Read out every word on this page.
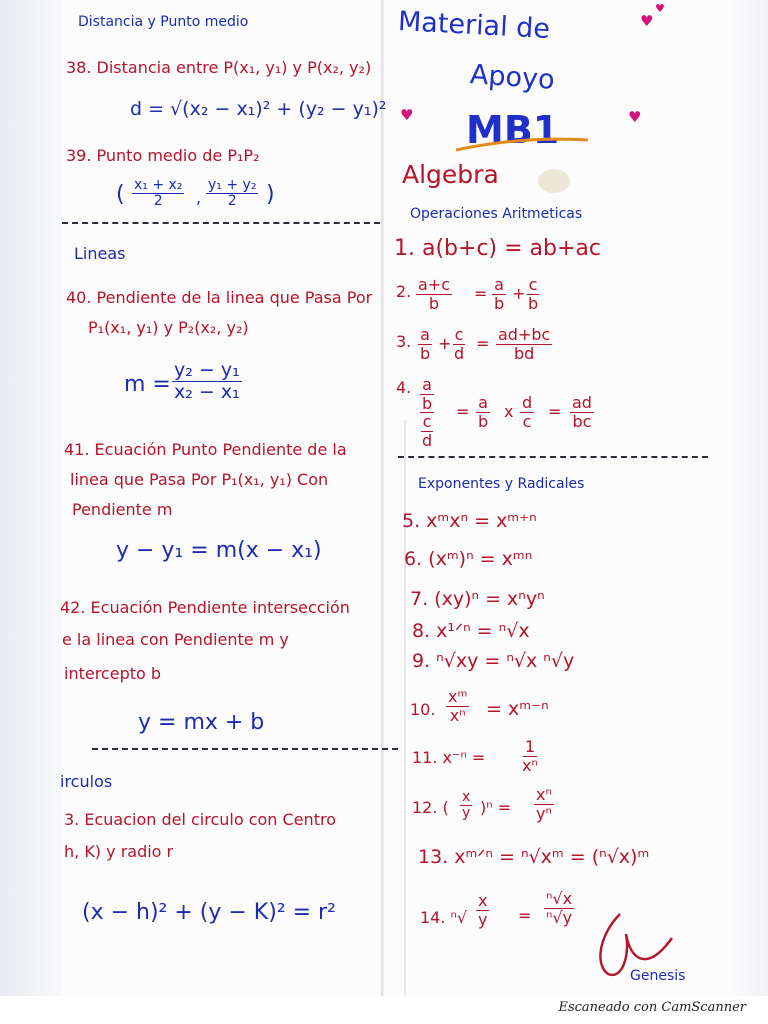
Distancia y Punto medio
38. Distancia entre P(x₁, y₁) y P(x₂, y₂)
d = √(x₂ − x₁)² + (y₂ − y₁)²
39. Punto medio de P₁P₂
( $\frac{\text{x₁ + x₂}}{2}$ , $\frac{\text{y₁ + y₂}}{2}$ )
Lineas
40. Pendiente de la linea que Pasa Por
P₁(x₁, y₁) y P₂(x₂, y₂)
$m = \frac{\text{y₂ − y₁}}{\text{x₂ − x₁}}$
41. Ecuación Punto Pendiente de la
linea que Pasa Por P₁(x₁, y₁) Con
Pendiente m
y − y₁ = m(x − x₁)
42. Ecuación Pendiente intersección
e la linea con Pendiente m y
intercepto b
y = mx + b
irculos
3. Ecuacion del circulo con Centro
h, K) y radio r
(x − h)² + (y − K)² = r²
Material de	♥
♥
Apoyo
♥ MB1	♥
Algebra
Operaciones Aritmeticas
1. a(b+c) = ab+ac
2. $\frac{a+c}{b} = \frac{a}{b} + \frac{c}{b}$
3. $\frac{a}{b} + \frac{c}{d} = \frac{ad+bc}{bd}$
4. $\frac{a}{b}$
$\frac{c}{d}$
= $\frac{a}{b}$ x $\frac{d}{c} = \frac{ad}{bc}$
Exponentes y Radicales
5. xᵐxⁿ = xᵐ⁺ⁿ
6. (xᵐ)ⁿ = xᵐⁿ
7. (xy)ⁿ = xⁿyⁿ
8. x¹ᐟⁿ = ⁿ√x
9. ⁿ√xy = ⁿ√x ⁿ√y
10. $\frac{\text{xᵐ}}{\text{xⁿ}}$ = xᵐ⁻ⁿ
11. $x^{-n} = \frac{1}{\text{xⁿ}}$
12. ( $\frac{x}{y} )^n = \frac{\text{xⁿ}}{\text{yⁿ}}$
13. xᵐᐟⁿ = ⁿ√xᵐ = (ⁿ√x)ᵐ
14. $^n√ \frac{x}{y} = \frac{\text{ⁿ√x}}{\text{ⁿ√y}}$
Genesis
Escaneado con CamScanner
